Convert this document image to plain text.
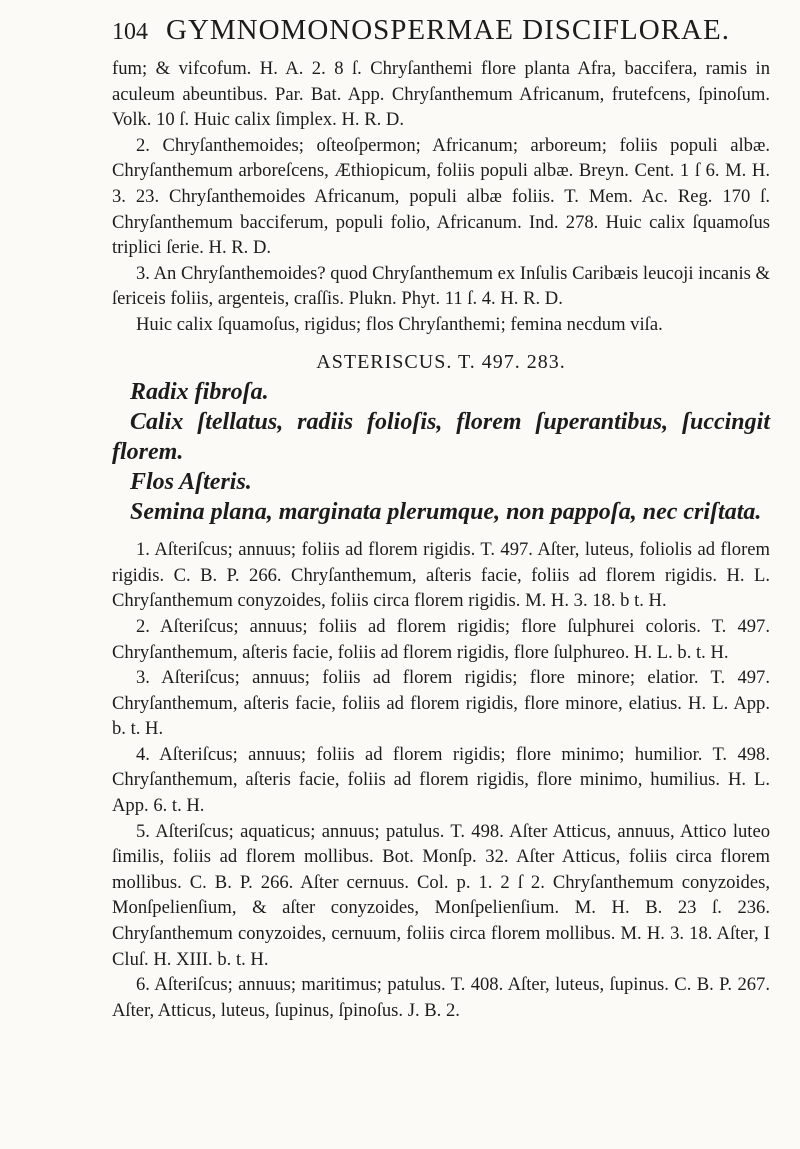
104 GYMNOMONOSPERMAE DISCIFLORAE.

fum; & vifcofum. H. A. 2. 8 ſ. Chryſanthemi flore planta Afra, baccifera, ramis in aculeum abeuntibus. Par. Bat. App. Chryſanthemum Africanum, frutefcens, ſpinoſum. Volk. 10 ſ. Huic calix ſimplex. H. R. D.

2. Chryſanthemoides; oſteoſpermon; Africanum; arboreum; foliis populi albæ. Chryſanthemum arboreſcens, Æthiopicum, foliis populi albæ. Breyn. Cent. 1 ſ 6. M. H. 3. 23. Chryſanthemoides Africanum, populi albæ foliis. T. Mem. Ac. Reg. 170 ſ. Chryſanthemum bacciferum, populi folio, Africanum. Ind. 278. Huic calix ſquamoſus triplici ſerie. H. R. D.

3. An Chryſanthemoides? quod Chryſanthemum ex Inſulis Caribæis leucoji incanis & ſericeis foliis, argenteis, craſſis. Plukn. Phyt. 11 ſ. 4. H. R. D.

Huic calix ſquamoſus, rigidus; flos Chryſanthemi; femina necdum viſa.

ASTERISCUS. T. 497. 283.

Radix fibroſa.

Calix ſtellatus, radiis folioſis, florem ſuperantibus, ſuccingit florem.

Flos Aſteris.

Semina plana, marginata plerumque, non pappoſa, nec criſtata.

1. Aſteriſcus; annuus; foliis ad florem rigidis. T. 497. Aſter, luteus, foliolis ad florem rigidis. C. B. P. 266. Chryſanthemum, aſteris facie, foliis ad florem rigidis. H. L. Chryſanthemum conyzoides, foliis circa florem rigidis. M. H. 3. 18. b t. H.

2. Aſteriſcus; annuus; foliis ad florem rigidis; flore ſulphurei coloris. T. 497. Chryſanthemum, aſteris facie, foliis ad florem rigidis, flore ſulphureo. H. L. b. t. H.

3. Aſteriſcus; annuus; foliis ad florem rigidis; flore minore; elatior. T. 497. Chryſanthemum, aſteris facie, foliis ad florem rigidis, flore minore, elatius. H. L. App. b. t. H.

4. Aſteriſcus; annuus; foliis ad florem rigidis; flore minimo; humilior. T. 498. Chryſanthemum, aſteris facie, foliis ad florem rigidis, flore minimo, humilius. H. L. App. 6. t. H.

5. Aſteriſcus; aquaticus; annuus; patulus. T. 498. Aſter Atticus, annuus, Attico luteo ſimilis, foliis ad florem mollibus. Bot. Monſp. 32. Aſter Atticus, foliis circa florem mollibus. C. B. P. 266. Aſter cernuus. Col. p. 1. 2 ſ 2. Chryſanthemum conyzoides, Monſpelienſium, & aſter conyzoides, Monſpelienſium. M. H. B. 23 ſ. 236. Chryſanthemum conyzoides, cernuum, foliis circa florem mollibus. M. H. 3. 18. Aſter, I Cluſ. H. XIII. b. t. H.

6. Aſteriſcus; annuus; maritimus; patulus. T. 408. Aſter, luteus, ſupinus. C. B. P. 267. Aſter, Atticus, luteus, ſupinus, ſpinoſus. J. B. 2.
